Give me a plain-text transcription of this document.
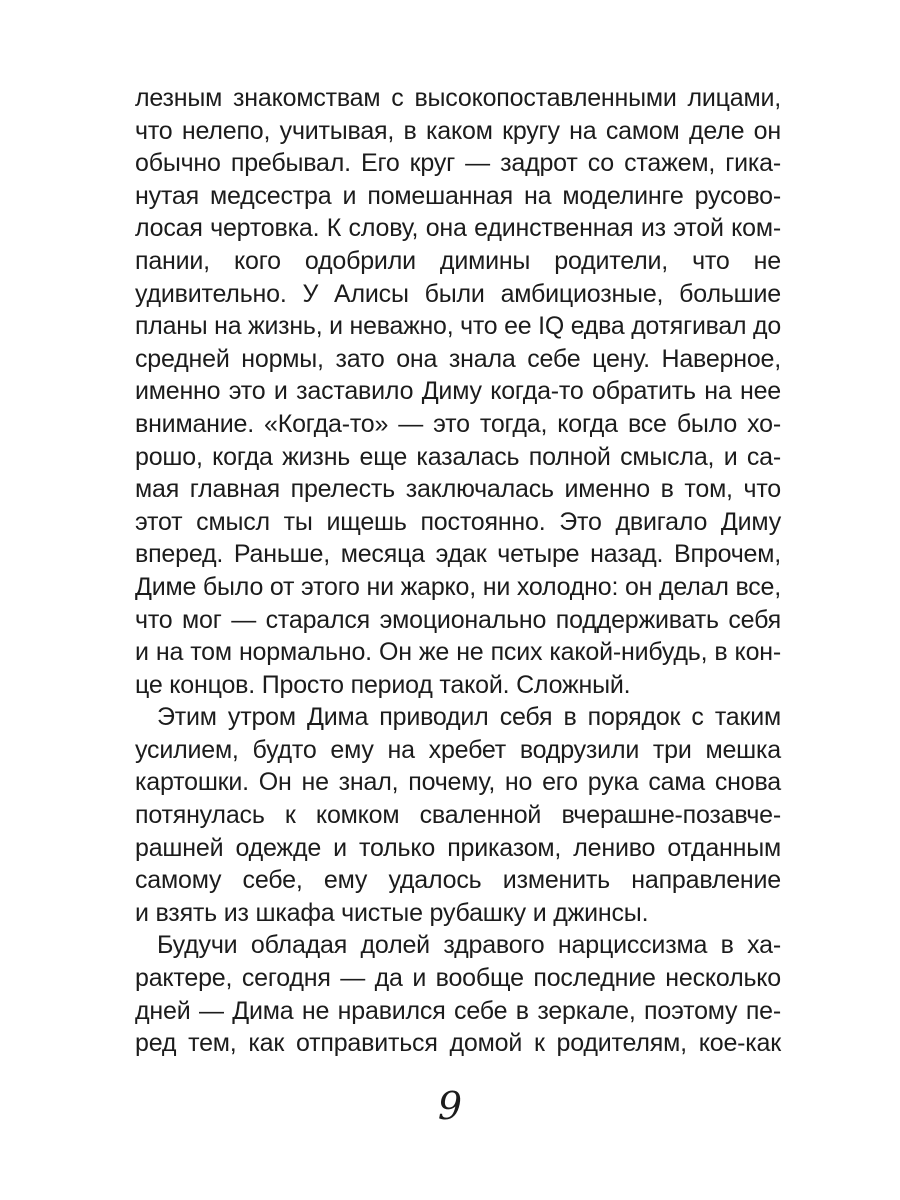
лезным знакомствам с высокопоставленными лицами,
что нелепо, учитывая, в каком кругу на самом деле он
обычно пребывал. Его круг — задрот со стажем, гика-
нутая медсестра и помешанная на моделинге русово-
лосая чертовка. К слову, она единственная из этой ком-
пании, кого одобрили димины родители, что не
удивительно. У Алисы были амбициозные, большие
планы на жизнь, и неважно, что ее IQ едва дотягивал до
средней нормы, зато она знала себе цену. Наверное,
именно это и заставило Диму когда-то обратить на нее
внимание. «Когда-то» — это тогда, когда все было хо-
рошо, когда жизнь еще казалась полной смысла, и са-
мая главная прелесть заключалась именно в том, что
этот смысл ты ищешь постоянно. Это двигало Диму
вперед. Раньше, месяца эдак четыре назад. Впрочем,
Диме было от этого ни жарко, ни холодно: он делал все,
что мог — старался эмоционально поддерживать себя
и на том нормально. Он же не псих какой-нибудь, в кон-
це концов. Просто период такой. Сложный.
Этим утром Дима приводил себя в порядок с таким
усилием, будто ему на хребет водрузили три мешка
картошки. Он не знал, почему, но его рука сама снова
потянулась к комком сваленной вчерашне-позавче-
рашней одежде и только приказом, лениво отданным
самому себе, ему удалось изменить направление
и взять из шкафа чистые рубашку и джинсы.
Будучи обладая долей здравого нарциссизма в ха-
рактере, сегодня — да и вообще последние несколько
дней — Дима не нравился себе в зеркале, поэтому пе-
ред тем, как отправиться домой к родителям, кое-как
9
